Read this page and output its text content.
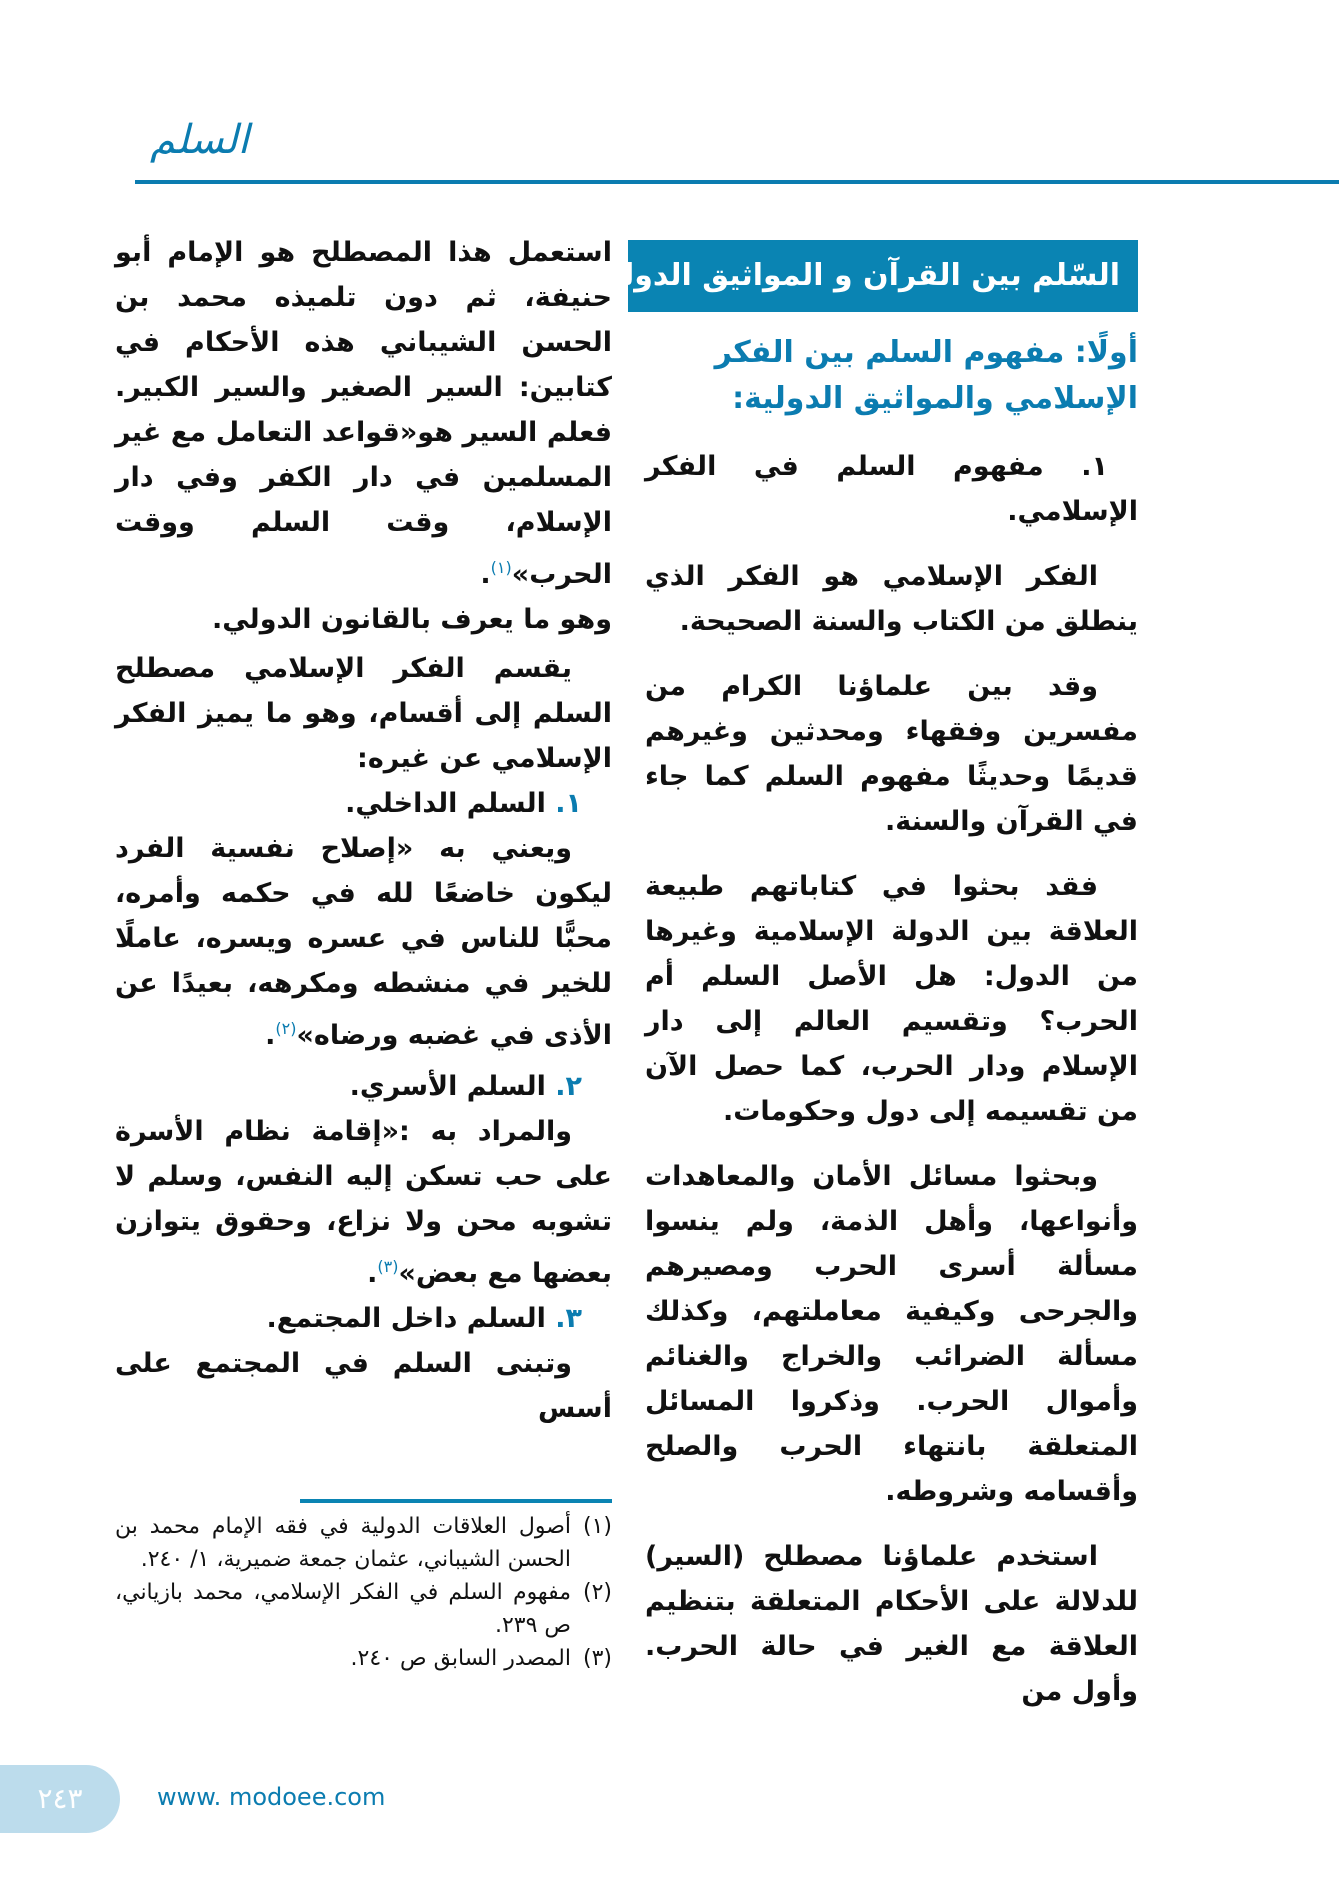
السلم
السّلم بين القرآن و المواثيق الدولية
أولًا: مفهوم السلم بين الفكر الإسلامي والمواثيق الدولية:
١. مفهوم السلم في الفكر الإسلامي.

الفكر الإسلامي هو الفكر الذي ينطلق من الكتاب والسنة الصحيحة.

وقد بين علماؤنا الكرام من مفسرين وفقهاء ومحدثين وغيرهم قديمًا وحديثًا مفهوم السلم كما جاء في القرآن والسنة.

فقد بحثوا في كتاباتهم طبيعة العلاقة بين الدولة الإسلامية وغيرها من الدول: هل الأصل السلم أم الحرب؟ وتقسيم العالم إلى دار الإسلام ودار الحرب، كما حصل الآن من تقسيمه إلى دول وحكومات.

وبحثوا مسائل الأمان والمعاهدات وأنواعها، وأهل الذمة، ولم ينسوا مسألة أسرى الحرب ومصيرهم والجرحى وكيفية معاملتهم، وكذلك مسألة الضرائب والخراج والغنائم وأموال الحرب. وذكروا المسائل المتعلقة بانتهاء الحرب والصلح وأقسامه وشروطه.

استخدم علماؤنا مصطلح (السير) للدلالة على الأحكام المتعلقة بتنظيم العلاقة مع الغير في حالة الحرب. وأول من

استعمل هذا المصطلح هو الإمام أبو حنيفة، ثم دون تلميذه محمد بن الحسن الشيباني هذه الأحكام في كتابين: السير الصغير والسير الكبير. فعلم السير هو«قواعد التعامل مع غير المسلمين في دار الكفر وفي دار الإسلام، وقت السلم ووقت الحرب»$^{(١)}$.

وهو ما يعرف بالقانون الدولي.

يقسم الفكر الإسلامي مصطلح السلم إلى أقسام، وهو ما يميز الفكر الإسلامي عن غيره:

١. السلم الداخلي.

ويعني به «إصلاح نفسية الفرد ليكون خاضعًا لله في حكمه وأمره، محبًّا للناس في عسره ويسره، عاملًا للخير في منشطه ومكرهه، بعيدًا عن الأذى في غضبه ورضاه»$^{(٢)}$.

٢. السلم الأسري.

والمراد به :«إقامة نظام الأسرة على حب تسكن إليه النفس، وسلم لا تشوبه محن ولا نزاع، وحقوق يتوازن بعضها مع بعض»$^{(٣)}$.

٣. السلم داخل المجتمع.

وتبنى السلم في المجتمع على أسس

(١)
أصول العلاقات الدولية في فقه الإمام محمد بن الحسن الشيباني، عثمان جمعة ضميرية، ١/ ٢٤٠.
(٢)
مفهوم السلم في الفكر الإسلامي، محمد بازياني، ص ٢٣٩.
(٣)
المصدر السابق ص ٢٤٠.
٢٤٣	www. modoee.com
